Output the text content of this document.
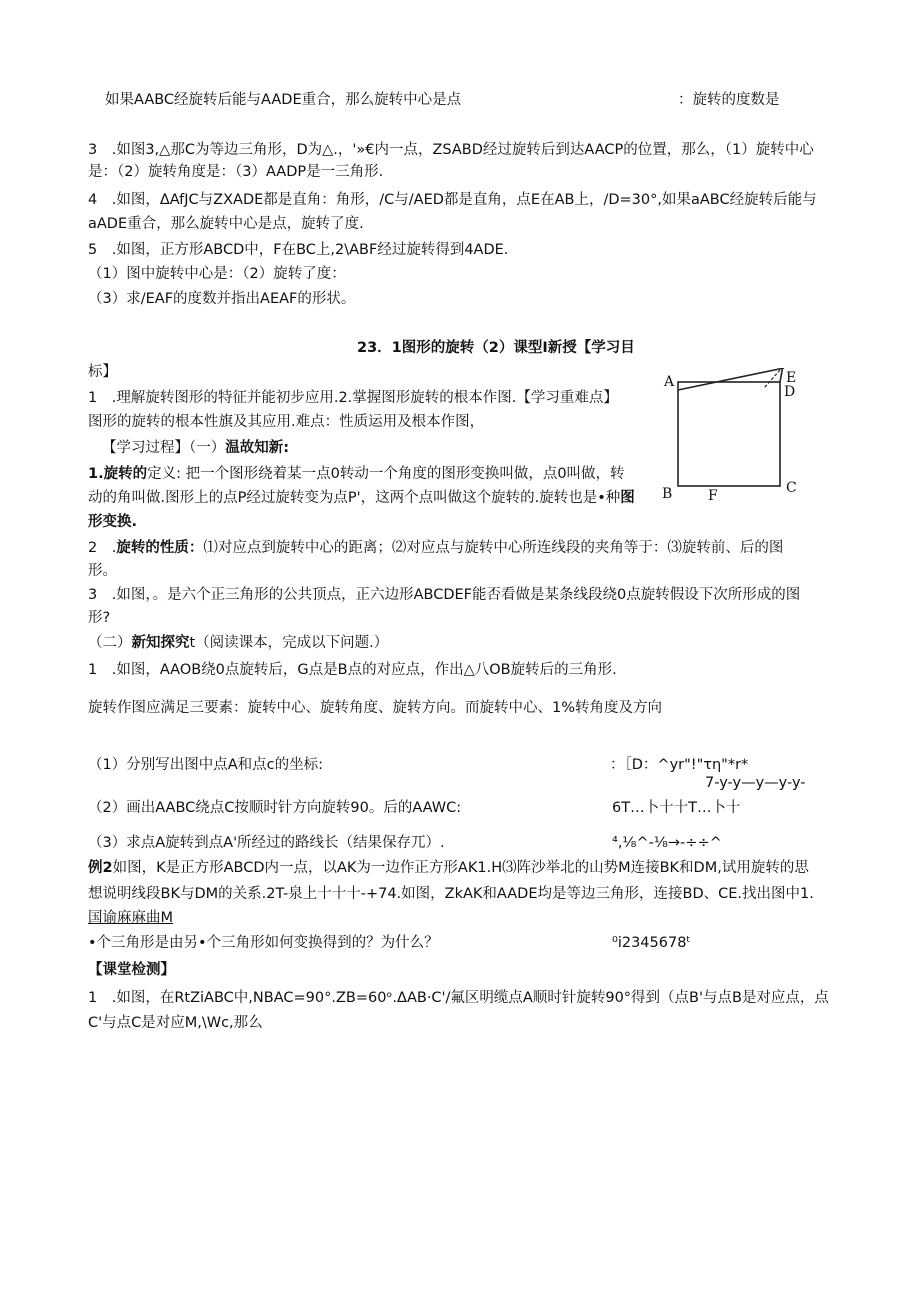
如果AABC经旋转后能与AADE重合，那么旋转中心是点	：旋转的度数是
3　.如图3,△那C为等边三角形，D为△.，'»€内一点，ZSABD经过旋转后到达AACP的位置，那么，（1）旋转中心
是：（2）旋转角度是：（3）AADP是一三角形.
4　.如图，ΔAfJC与ZXADE都是直角：角形，/C与/AED都是直角，点E在AB上，/D=30°,如果aABC经旋转后能与
aADE重合，那么旋转中心是点，旋转了度.
5　.如图，正方形ABCD中，F在BC上,2\ABF经过旋转得到4ADE.
（1）图中旋转中心是：（2）旋转了度：
（3）求/EAF的度数并指出AEAF的形状。
23．1图形的旋转（2）课型I新授【学习目
标】
1　.理解旋转图形的特征并能初步应用.2.掌握图形旋转的根本作图.【学习重难点】
图形的旋转的根本性旗及其应用.难点：性质运用及根本作图，
【学习过程】（一）温故知新:
1.旋转的定义: 把一个图形绕着某一点0转动一个角度的图形变换叫做，点0叫做，转
动的角叫做.图形上的点P经过旋转变为点P'，这两个点叫做这个旋转的.旋转也是•种图
形变换.
2　.旋转的性质：⑴对应点到旋转中心的距离；⑵对应点与旋转中心所连线段的夹角等于：⑶旋转前、后的图
形。
3　.如图，。是六个正三角形的公共顶点，正六边形ABCDEF能否看做是某条线段绕0点旋转假设下次所形成的图
形?
（二）新知探究t（阅读课本，完成以下问题.）
1　.如图，AAOB绕0点旋转后，G点是B点的对应点，作出△八OB旋转后的三角形.
旋转作图应满足三要素：旋转中心、旋转角度、旋转方向。而旋转中心、1%转角度及方向
（1）分别写出图中点A和点c的坐标:	：［D：^yr"!"τη"*r*
7-y-y—y—y-y-
（2）画出AABC绕点C按顺时针方向旋转90。后的AAWC:	6T…卜十十T…卜十
（3）求点A旋转到点A'所经过的路线长（结果保存兀）.	⁴,⅛^-⅛→-÷÷^
例2如图，K是正方形ABCD内一点，以AK为一边作正方形AK1.H⑶阵沙举北的山势M连接BK和DM,试用旋转的思
想说明线段BK与DM的关系.2T-泉上十十十-+74.如图，ZkAK和AADE均是等边三角形，连接BD、CE.找出图中1.
国谕麻麻曲M
•个三角形是由另•个三角形如何变换得到的？为什么？	⁰i2345678ᵗ
【课堂检测】
1　.如图，在RtZiABC中,NBAC=90°.ZB=60ᵒ.ΔAB·C'/氟区明缆点A顺时针旋转90°得到（点B'与点B是对应点，点
C'与点C是对应M,\Wc,那么
A	E
D
B	F	C
